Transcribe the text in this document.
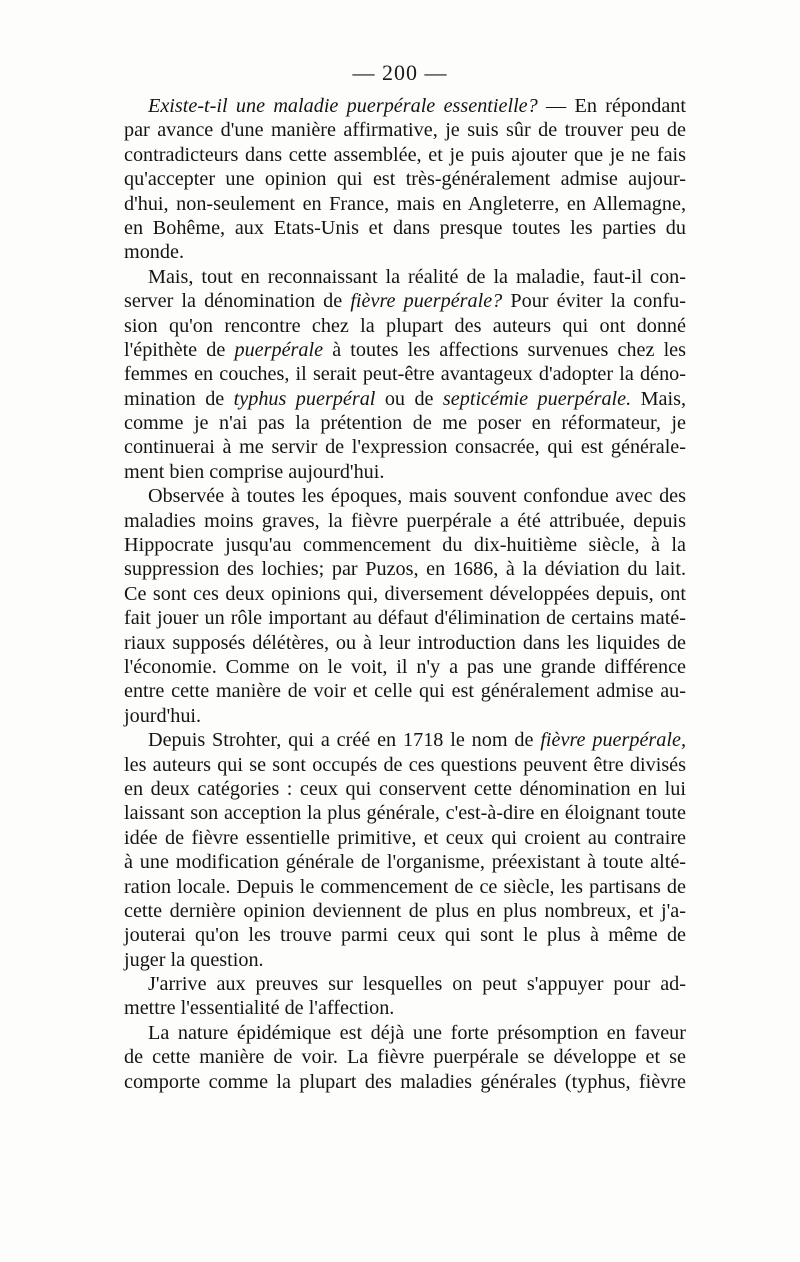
— 200 —
Existe-t-il une maladie puerpérale essentielle? — En répondant
par avance d'une manière affirmative, je suis sûr de trouver peu de
contradicteurs dans cette assemblée, et je puis ajouter que je ne fais
qu'accepter une opinion qui est très-généralement admise aujour-
d'hui, non-seulement en France, mais en Angleterre, en Allemagne,
en Bohême, aux Etats-Unis et dans presque toutes les parties du
monde.
Mais, tout en reconnaissant la réalité de la maladie, faut-il con-
server la dénomination de fièvre puerpérale? Pour éviter la confu-
sion qu'on rencontre chez la plupart des auteurs qui ont donné
l'épithète de puerpérale à toutes les affections survenues chez les
femmes en couches, il serait peut-être avantageux d'adopter la déno-
mination de typhus puerpéral ou de septicémie puerpérale. Mais,
comme je n'ai pas la prétention de me poser en réformateur, je
continuerai à me servir de l'expression consacrée, qui est générale-
ment bien comprise aujourd'hui.
Observée à toutes les époques, mais souvent confondue avec des
maladies moins graves, la fièvre puerpérale a été attribuée, depuis
Hippocrate jusqu'au commencement du dix-huitième siècle, à la
suppression des lochies; par Puzos, en 1686, à la déviation du lait.
Ce sont ces deux opinions qui, diversement développées depuis, ont
fait jouer un rôle important au défaut d'élimination de certains maté-
riaux supposés délétères, ou à leur introduction dans les liquides de
l'économie. Comme on le voit, il n'y a pas une grande différence
entre cette manière de voir et celle qui est généralement admise au-
jourd'hui.
Depuis Strohter, qui a créé en 1718 le nom de fièvre puerpérale,
les auteurs qui se sont occupés de ces questions peuvent être divisés
en deux catégories : ceux qui conservent cette dénomination en lui
laissant son acception la plus générale, c'est-à-dire en éloignant toute
idée de fièvre essentielle primitive, et ceux qui croient au contraire
à une modification générale de l'organisme, préexistant à toute alté-
ration locale. Depuis le commencement de ce siècle, les partisans de
cette dernière opinion deviennent de plus en plus nombreux, et j'a-
jouterai qu'on les trouve parmi ceux qui sont le plus à même de
juger la question.
J'arrive aux preuves sur lesquelles on peut s'appuyer pour ad-
mettre l'essentialité de l'affection.
La nature épidémique est déjà une forte présomption en faveur
de cette manière de voir. La fièvre puerpérale se développe et se
comporte comme la plupart des maladies générales (typhus, fièvre
